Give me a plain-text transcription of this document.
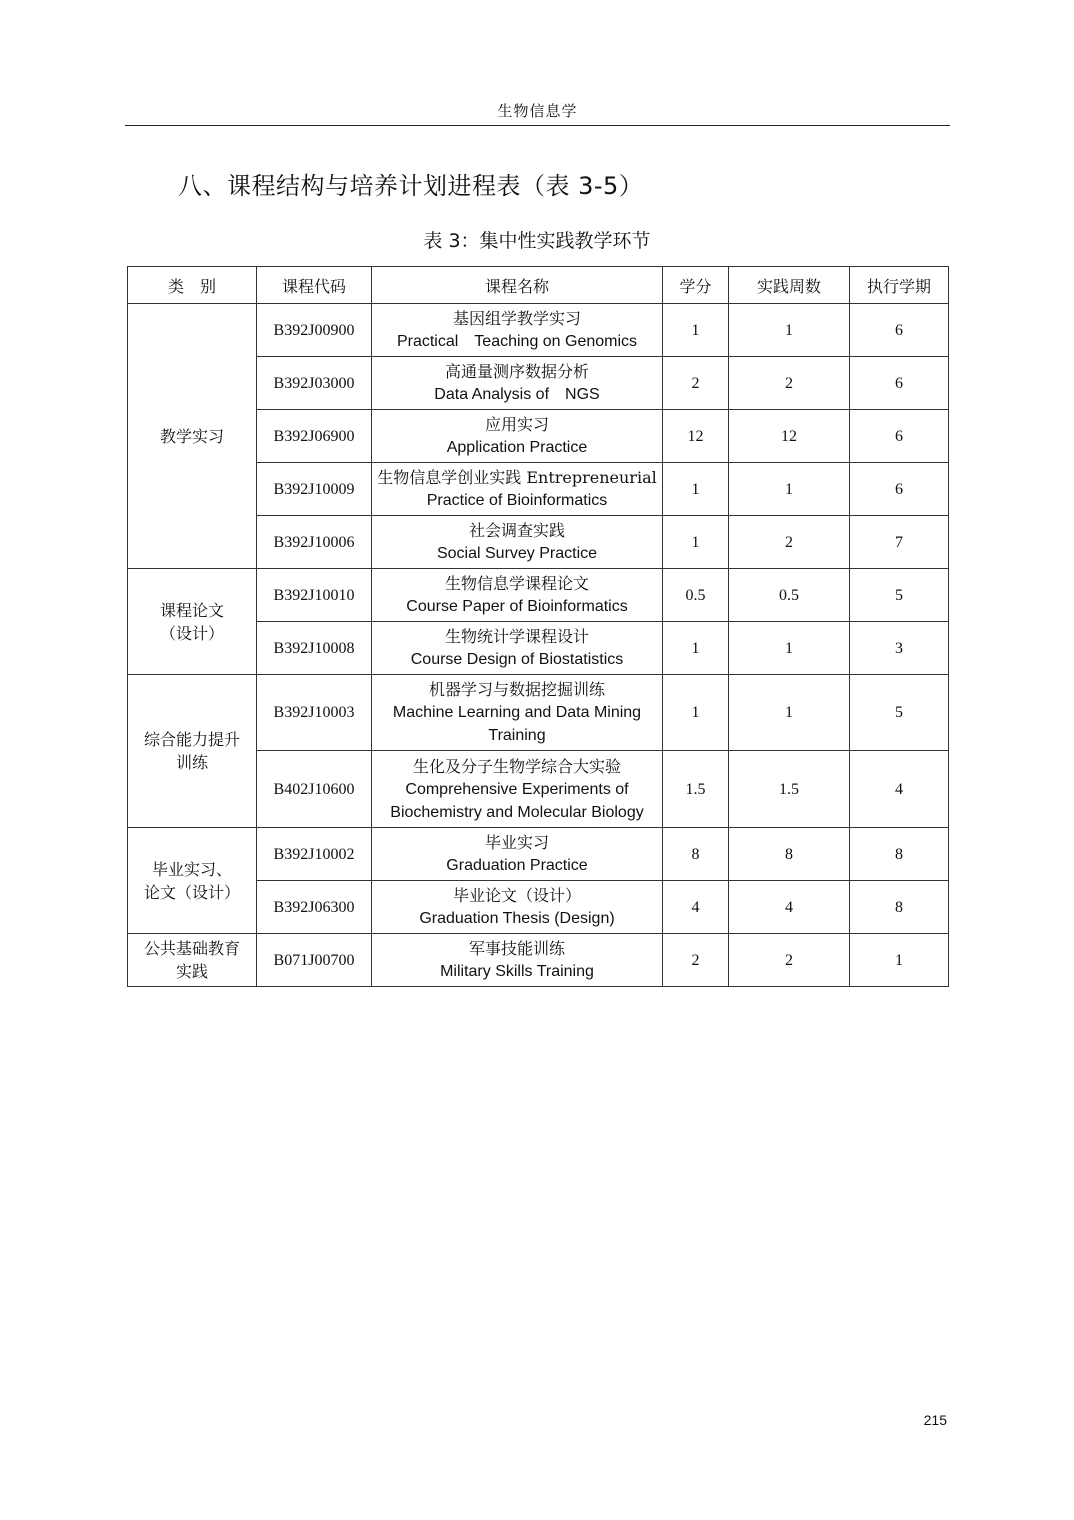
生物信息学
八、课程结构与培养计划进程表（表 3-5）
表 3：集中性实践教学环节
类　别	课程代码	课程名称	学分	实践周数	执行学期
教学实习	B392J00900	基因组学教学实习
Practical　Teaching on Genomics	1	1	6
	B392J03000	高通量测序数据分析
Data Analysis of　NGS	2	2	6
	B392J06900	应用实习
Application Practice	12	12	6
	B392J10009	生物信息学创业实践 Entrepreneurial
Practice of Bioinformatics	1	1	6
	B392J10006	社会调查实践
Social Survey Practice	1	2	7

课程论文
（设计）	B392J10010	生物信息学课程论文
Course Paper of Bioinformatics	0.5	0.5	5
	B392J10008	生物统计学课程设计
Course Design of Biostatistics	1	1	3

综合能力提升
训练	B392J10003	机器学习与数据挖掘训练
Machine Learning and Data Mining
Training	1	1	5
	B402J10600	生化及分子生物学综合大实验
Comprehensive Experiments of
Biochemistry and Molecular Biology	1.5	1.5	4

毕业实习、
论文（设计）	B392J10002	毕业实习
Graduation Practice	8	8	8
	B392J06300	毕业论文（设计）
Graduation Thesis (Design)	4	4	8

公共基础教育
实践	B071J00700	军事技能训练
Military Skills Training	2	2	1
215
